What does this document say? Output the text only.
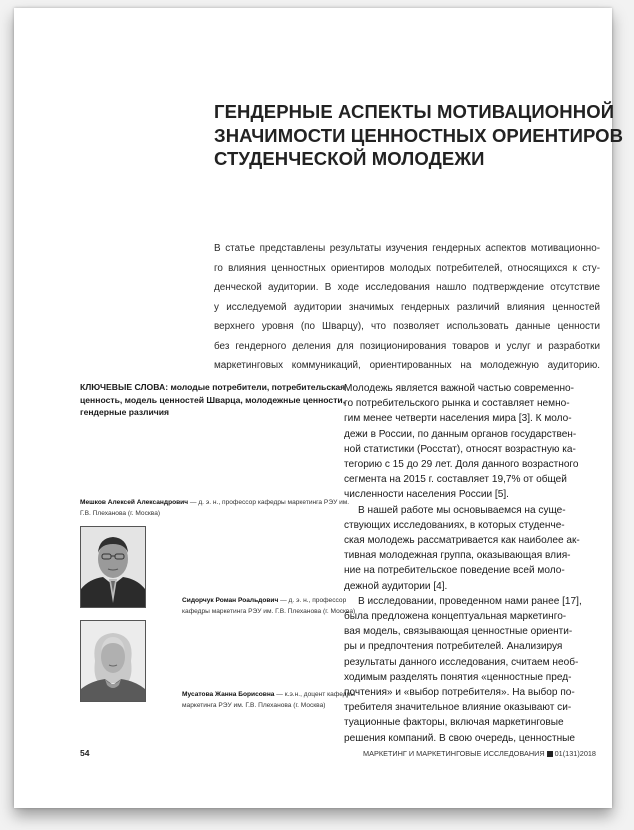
ГЕНДЕРНЫЕ АСПЕКТЫ МОТИВАЦИОННОЙ
ЗНАЧИМОСТИ ЦЕННОСТНЫХ ОРИЕНТИРОВ
СТУДЕНЧЕСКОЙ МОЛОДЕЖИ
В статье представлены результаты изучения гендерных аспектов мотивационно-
го влияния ценностных ориентиров молодых потребителей, относящихся к сту-
денческой аудитории. В ходе исследования нашло подтверждение отсутствие
у исследуемой аудитории значимых гендерных различий влияния ценностей
верхнего уровня (по Шварцу), что позволяет использовать данные ценности
без гендерного деления для позиционирования товаров и услуг и разработки
маркетинговых коммуникаций, ориентированных на молодежную аудиторию.
КЛЮЧЕВЫЕ СЛОВА: молодые потребители, потребительская
ценность, модель ценностей Шварца, молодежные ценности,
гендерные различия
Мешков Алексей Александрович — д. э. н., профессор кафедры маркетинга РЭУ им.
Г.В. Плеханова (г. Москва)
Сидорчук Роман Роальдович — д. э. н., профессор
кафедры маркетинга РЭУ им. Г.В. Плеханова (г. Москва)
Мусатова Жанна Борисовна — к.э.н., доцент кафедры
маркетинга РЭУ им. Г.В. Плеханова (г. Москва)
Молодежь является важной частью современно-
го потребительского рынка и составляет немно-
гим менее четверти населения мира [3]. К моло-
дежи в России, по данным органов государствен-
ной статистики (Росстат), относят возрастную ка-
тегорию с 15 до 29 лет. Доля данного возрастного
сегмента на 2015 г. составляет 19,7% от общей
численности населения России [5].
В нашей работе мы основываемся на суще-
ствующих исследованиях, в которых студенче-
ская молодежь рассматривается как наиболее ак-
тивная молодежная группа, оказывающая влия-
ние на потребительское поведение всей моло-
дежной аудитории [4].
В исследовании, проведенном нами ранее [17],
была предложена концептуальная маркетинго-
вая модель, связывающая ценностные ориенти-
ры и предпочтения потребителей. Анализируя
результаты данного исследования, считаем необ-
ходимым разделять понятия «ценностные пред-
почтения» и «выбор потребителя». На выбор по-
требителя значительное влияние оказывают си-
туационные факторы, включая маркетинговые
решения компаний. В свою очередь, ценностные
54	МАРКЕТИНГ И МАРКЕТИНГОВЫЕ ИССЛЕДОВАНИЯ 01(131)2018
